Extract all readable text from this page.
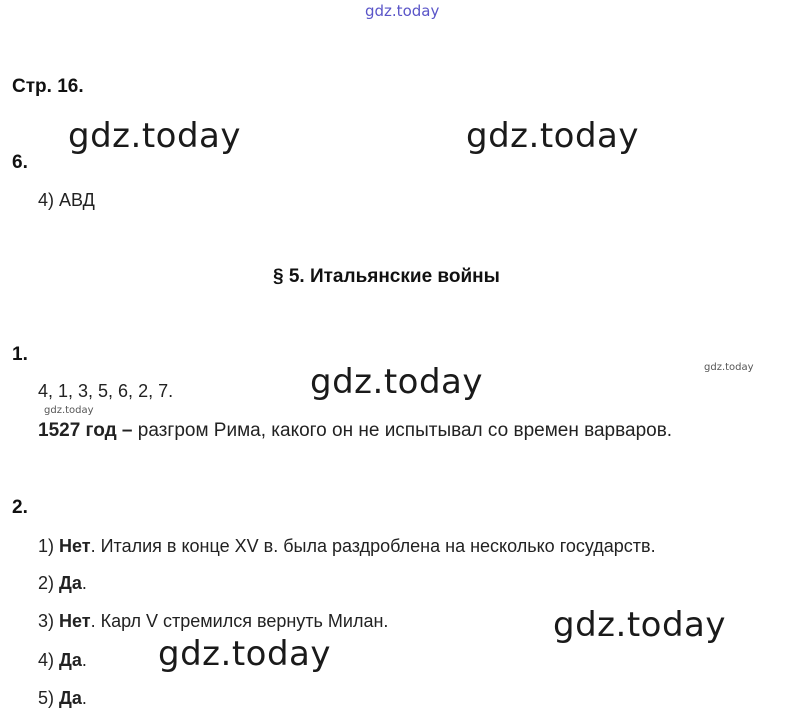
gdz.today
gdz.today	gdz.today
gdz.today
gdz.today
gdz.today
gdz.today
gdz.today
Стр. 16.
6.
4) АВД
§ 5. Итальянские войны
1.
4, 1, 3, 5, 6, 2, 7.
1527 год – разгром Рима, какого он не испытывал со времен варваров.
2.
1) Нет. Италия в конце XV в. была раздроблена на несколько государств.
2) Да.
3) Нет. Карл V стремился вернуть Милан.
4) Да.
5) Да.
